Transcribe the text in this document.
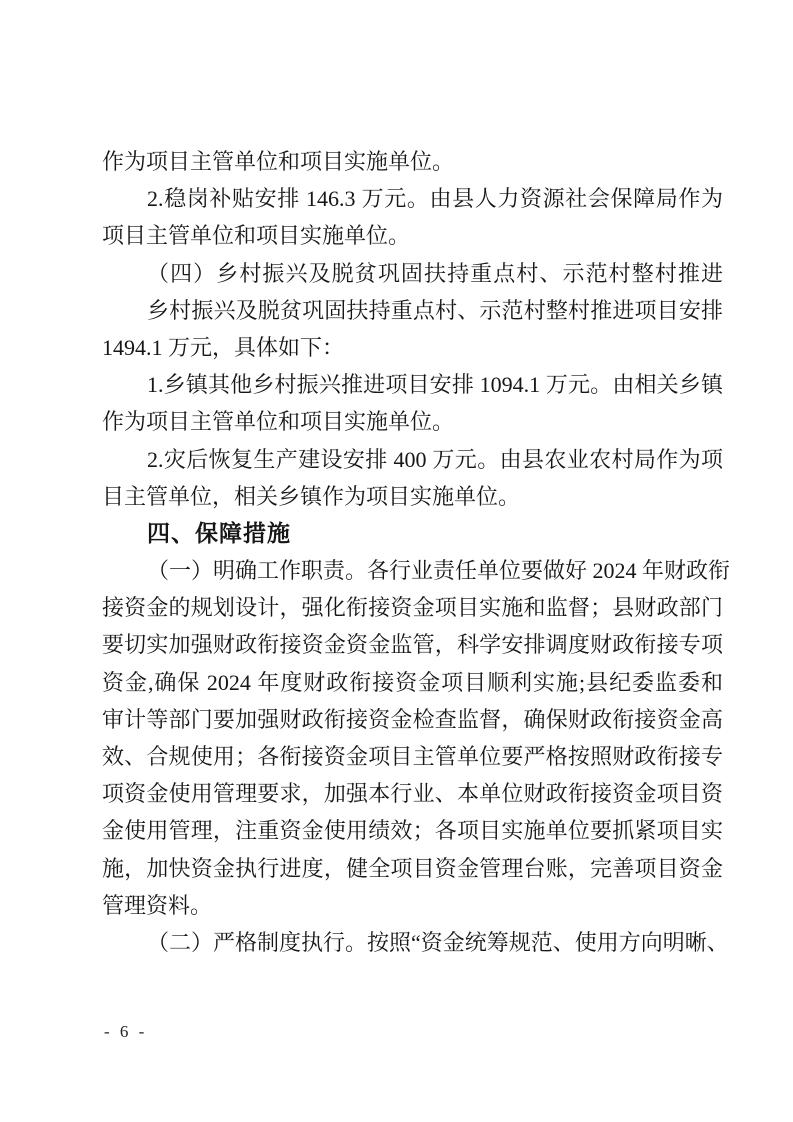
作为项目主管单位和项目实施单位。
2.稳岗补贴安排 146.3 万元。由县人力资源社会保障局作为
项目主管单位和项目实施单位。
（四）乡村振兴及脱贫巩固扶持重点村、示范村整村推进
乡村振兴及脱贫巩固扶持重点村、示范村整村推进项目安排
1494.1 万元，具体如下：
1.乡镇其他乡村振兴推进项目安排 1094.1 万元。由相关乡镇
作为项目主管单位和项目实施单位。
2.灾后恢复生产建设安排 400 万元。由县农业农村局作为项
目主管单位，相关乡镇作为项目实施单位。
四、保障措施
（一）明确工作职责。各行业责任单位要做好 2024 年财政衔
接资金的规划设计，强化衔接资金项目实施和监督；县财政部门
要切实加强财政衔接资金资金监管，科学安排调度财政衔接专项
资金,确保 2024 年度财政衔接资金项目顺利实施;县纪委监委和
审计等部门要加强财政衔接资金检查监督，确保财政衔接资金高
效、合规使用；各衔接资金项目主管单位要严格按照财政衔接专
项资金使用管理要求，加强本行业、本单位财政衔接资金项目资
金使用管理，注重资金使用绩效；各项目实施单位要抓紧项目实
施，加快资金执行进度，健全项目资金管理台账，完善项目资金
管理资料。
（二）严格制度执行。按照“资金统筹规范、使用方向明晰、
- 6 -
